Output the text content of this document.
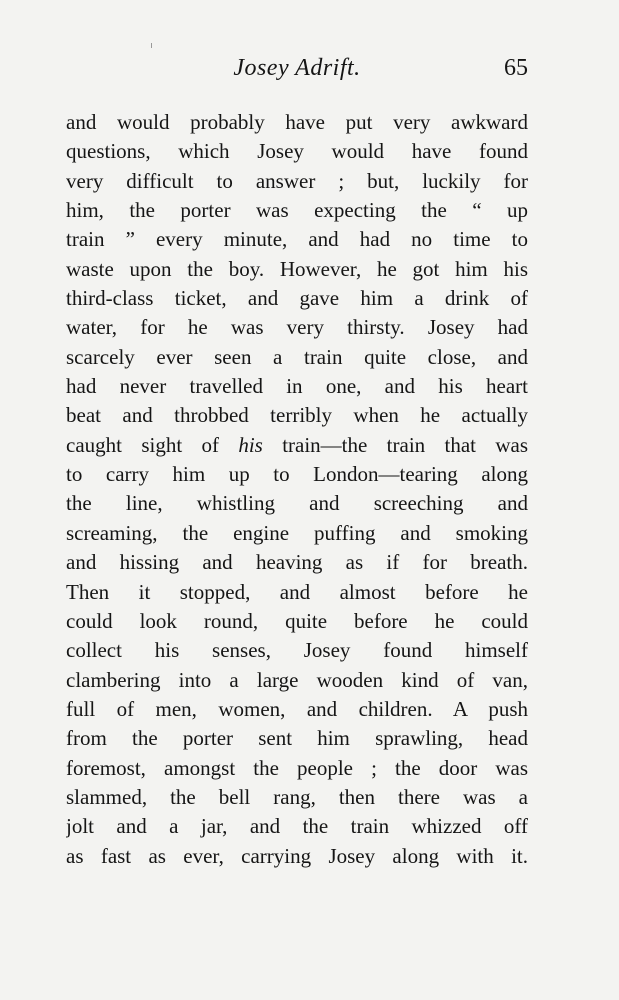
Josey Adrift.	65
and would probably have put very awkward
questions, which Josey would have found
very difficult to answer ; but, luckily for
him, the porter was expecting the “ up
train ” every minute, and had no time to
waste upon the boy. However, he got him his
third-class ticket, and gave him a drink of
water, for he was very thirsty. Josey had
scarcely ever seen a train quite close, and
had never travelled in one, and his heart
beat and throbbed terribly when he actually
caught sight of his train—the train that was
to carry him up to London—tearing along
the line, whistling and screeching and
screaming, the engine puffing and smoking
and hissing and heaving as if for breath.
Then it stopped, and almost before he
could look round, quite before he could
collect his senses, Josey found himself
clambering into a large wooden kind of van,
full of men, women, and children. A push
from the porter sent him sprawling, head
foremost, amongst the people ; the door was
slammed, the bell rang, then there was a
jolt and a jar, and the train whizzed off
as fast as ever, carrying Josey along with it.
